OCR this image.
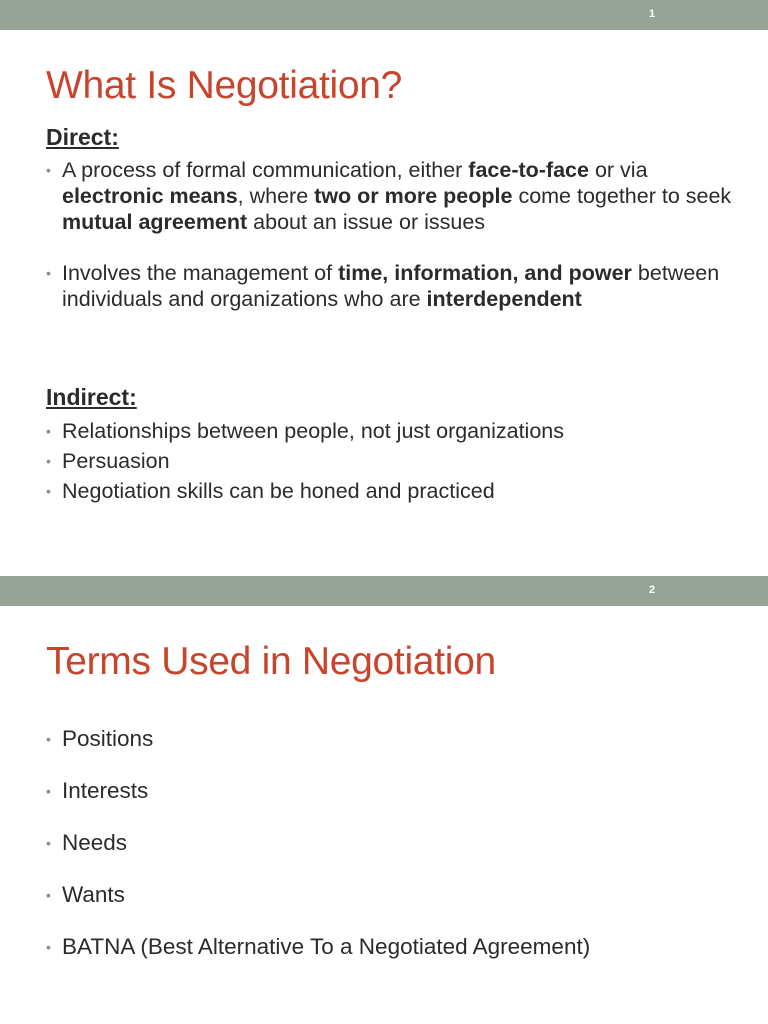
1
What Is Negotiation?
Direct:
• A process of formal communication, either face-to-face or via electronic means, where two or more people come together to seek mutual agreement about an issue or issues
• Involves the management of time, information, and power between individuals and organizations who are interdependent
Indirect:
• Relationships between people, not just organizations
• Persuasion
• Negotiation skills can be honed and practiced
2
Terms Used in Negotiation
• Positions
• Interests
• Needs
• Wants
• BATNA (Best Alternative To a Negotiated Agreement)
